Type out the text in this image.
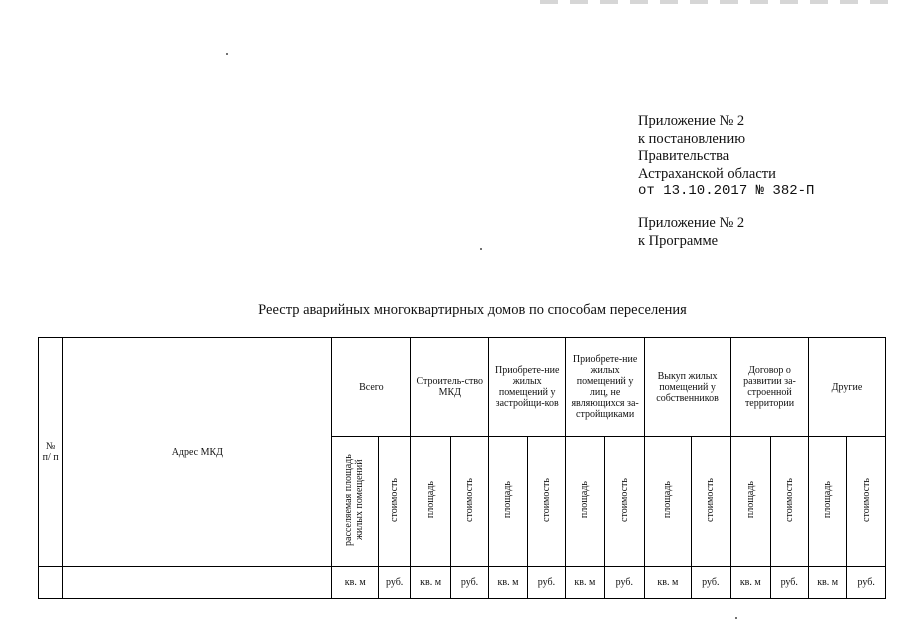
Приложение № 2
к постановлению
Правительства
Астраханской области
от 13.10.2017 № 382-П
Приложение № 2
к Программе
Реестр аварийных многоквартирных домов по способам переселения
№ п/ п	Адрес МКД	Всего		Строитель-ство МКД		Приобрете-ние жилых помещений у застройщи-ков		Приобрете-ние жилых помещений у лиц, не являющихся за-стройщиками		Выкуп жилых помещений у собственников		Договор о развитии за-строенной территории		Другие	
		расселяемая площадь жилых помещений	стоимость	площадь	стоимость	площадь	стоимость	площадь	стоимость	площадь	стоимость	площадь	стоимость	площадь	стоимость
		кв. м	руб.	кв. м	руб.	кв. м	руб.	кв. м	руб.	кв. м	руб.	кв. м	руб.	кв. м	руб.
